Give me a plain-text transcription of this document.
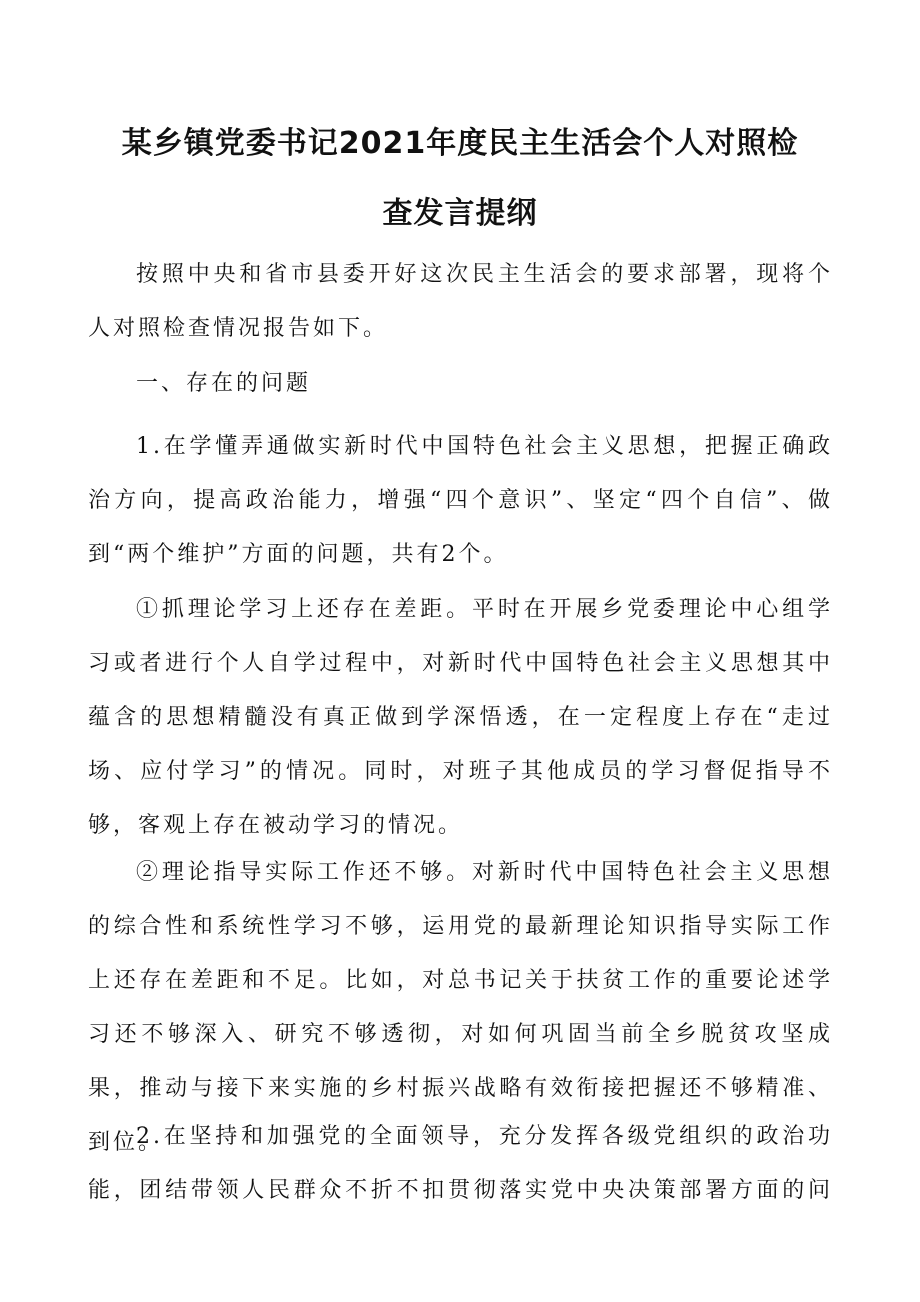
某乡镇党委书记2021年度民主生活会个人对照检
查发言提纲

按照中央和省市县委开好这次民主生活会的要求部署，现将个人对照检查情况报告如下。

一、存在的问题

1.在学懂弄通做实新时代中国特色社会主义思想，把握正确政治方向，提高政治能力，增强“四个意识”、坚定“四个自信”、做到“两个维护”方面的问题，共有2个。

①抓理论学习上还存在差距。平时在开展乡党委理论中心组学习或者进行个人自学过程中，对新时代中国特色社会主义思想其中蕴含的思想精髓没有真正做到学深悟透，在一定程度上存在“走过场、应付学习”的情况。同时，对班子其他成员的学习督促指导不够，客观上存在被动学习的情况。

②理论指导实际工作还不够。对新时代中国特色社会主义思想的综合性和系统性学习不够，运用党的最新理论知识指导实际工作上还存在差距和不足。比如，对总书记关于扶贫工作的重要论述学习还不够深入、研究不够透彻，对如何巩固当前全乡脱贫攻坚成果，推动与接下来实施的乡村振兴战略有效衔接把握还不够精准、到位。

2.在坚持和加强党的全面领导，充分发挥各级党组织的政治功能，团结带领人民群众不折不扣贯彻落实党中央决策部署方面的问
